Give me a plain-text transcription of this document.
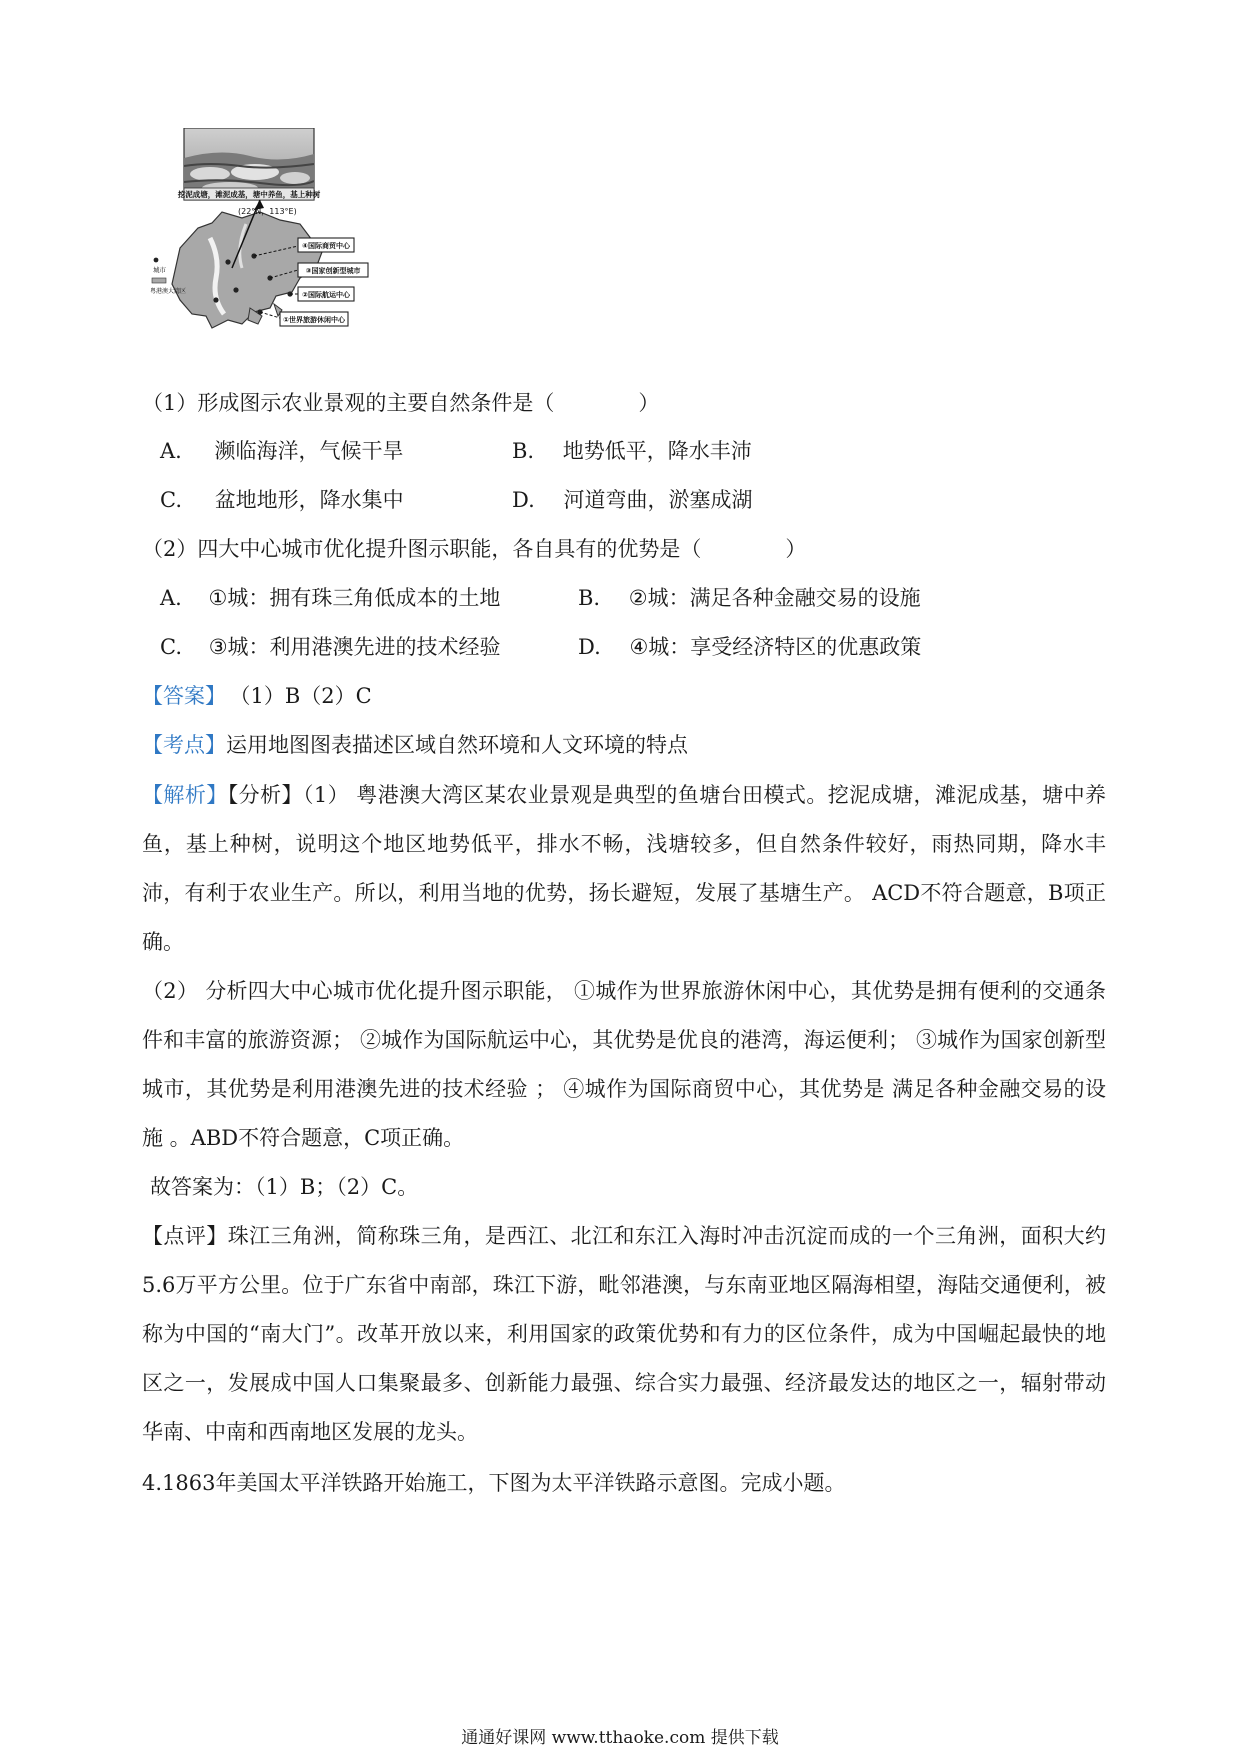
挖泥成塘，滩泥成基，塘中养鱼，基上种树
(22°N，113°E)
④国际商贸中心
③国家创新型城市
②国际航运中心
①世界旅游休闲中心
城市
粤港澳大湾区
（1）形成图示农业景观的主要自然条件是（　　　　）
A. 濒临海洋，气候干旱	B. 地势低平，降水丰沛
C. 盆地地形，降水集中	D. 河道弯曲，淤塞成湖
（2）四大中心城市优化提升图示职能，各自具有的优势是（　　　　）
A. ①城：拥有珠三角低成本的土地	B. ②城：满足各种金融交易的设施
C. ③城：利用港澳先进的技术经验	D. ④城：享受经济特区的优惠政策
【答案】 （1）B（2）C
【考点】运用地图图表描述区域自然环境和人文环境的特点
【解析】【分析】（1） 粤港澳大湾区某农业景观是典型的鱼塘台田模式。挖泥成塘，滩泥成基，塘中养鱼，基上种树，说明这个地区地势低平，排水不畅，浅塘较多，但自然条件较好，雨热同期，降水丰沛，有利于农业生产。所以，利用当地的优势，扬长避短，发展了基塘生产。 ACD不符合题意，B项正确。
（2） 分析四大中心城市优化提升图示职能， ①城作为世界旅游休闲中心，其优势是拥有便利的交通条件和丰富的旅游资源； ②城作为国际航运中心，其优势是优良的港湾，海运便利； ③城作为国家创新型城市，其优势是利用港澳先进的技术经验 ； ④城作为国际商贸中心，其优势是 满足各种金融交易的设施 。ABD不符合题意，C项正确。
故答案为：（1）B；（2）C。
【点评】珠江三角洲，简称珠三角，是西江、北江和东江入海时冲击沉淀而成的一个三角洲，面积大约5.6万平方公里。位于广东省中南部，珠江下游，毗邻港澳，与东南亚地区隔海相望，海陆交通便利，被称为中国的“南大门”。改革开放以来，利用国家的政策优势和有力的区位条件，成为中国崛起最快的地区之一，发展成中国人口集聚最多、创新能力最强、综合实力最强、经济最发达的地区之一，辐射带动华南、中南和西南地区发展的龙头。
4.1863年美国太平洋铁路开始施工，下图为太平洋铁路示意图。完成小题。
通通好课网 www.tthaoke.com 提供下载
